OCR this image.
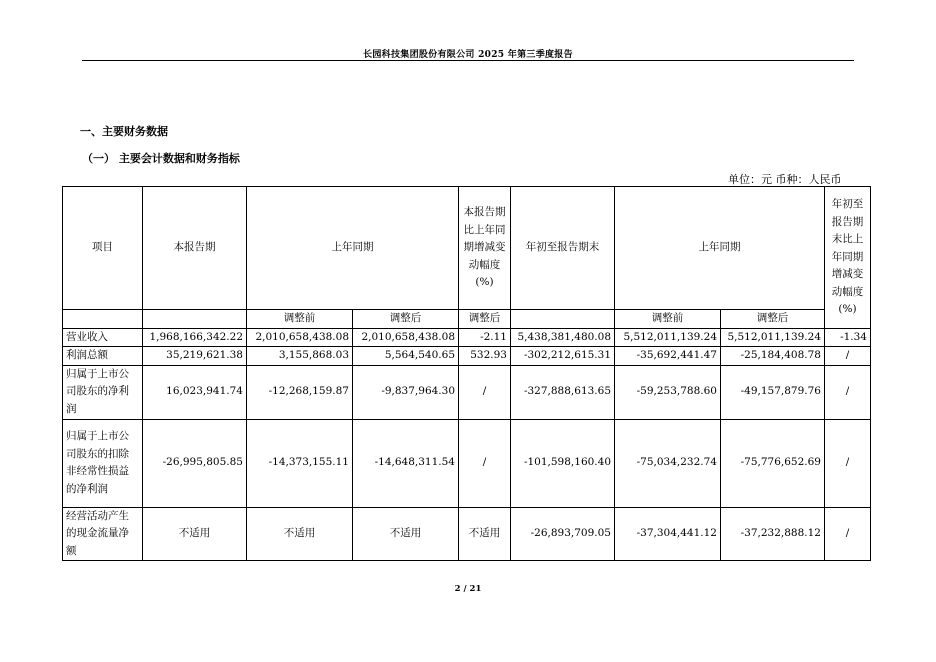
长园科技集团股份有限公司 2025 年第三季度报告
一、主要财务数据
（一） 主要会计数据和财务指标
单位：元 币种：人民币
项目	本报告期	上年同期		本报告期比上年同期增减变动幅度(%)	年初至报告期末	上年同期		年初至报告期末比上年同期增减变动幅度(%)
		调整前	调整后	调整后		调整前	调整后	
营业收入	1,968,166,342.22	2,010,658,438.08	2,010,658,438.08	-2.11	5,438,381,480.08	5,512,011,139.24	5,512,011,139.24	-1.34
利润总额	35,219,621.38	3,155,868.03	5,564,540.65	532.93	-302,212,615.31	-35,692,441.47	-25,184,408.78	/
归属于上市公司股东的净利润	16,023,941.74	-12,268,159.87	-9,837,964.30	/	-327,888,613.65	-59,253,788.60	-49,157,879.76	/
归属于上市公司股东的扣除非经常性损益的净利润	-26,995,805.85	-14,373,155.11	-14,648,311.54	/	-101,598,160.40	-75,034,232.74	-75,776,652.69	/
经营活动产生的现金流量净额	不适用	不适用	不适用	不适用	-26,893,709.05	-37,304,441.12	-37,232,888.12	/
2 / 21
